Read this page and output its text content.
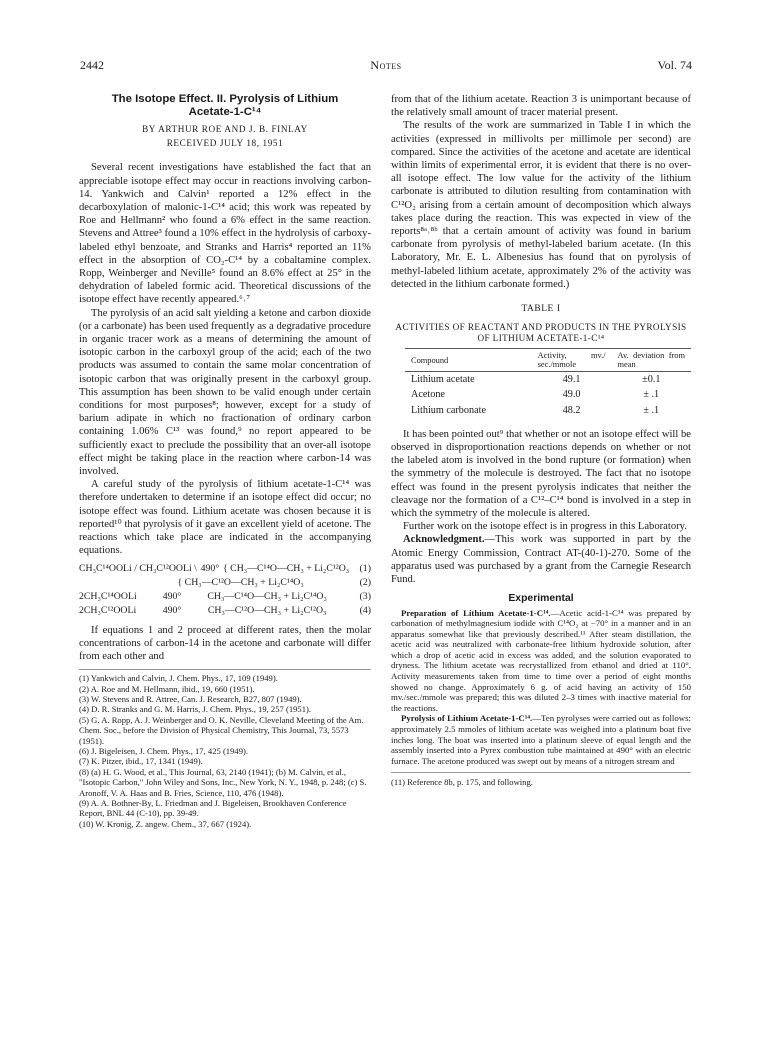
2442	Notes	Vol. 74
The Isotope Effect. II. Pyrolysis of Lithium
Acetate-1-C¹⁴
BY ARTHUR ROE AND J. B. FINLAY
RECEIVED JULY 18, 1951

Several recent investigations have established the fact that an appreciable isotope effect may occur in reactions involving carbon-14. Yankwich and Calvin¹ reported a 12% effect in the decarboxylation of malonic-1-C¹⁴ acid; this work was repeated by Roe and Hellmann² who found a 6% effect in the same reaction. Stevens and Attree³ found a 10% effect in the hydrolysis of carboxy-labeled ethyl benzoate, and Stranks and Harris⁴ reported an 11% effect in the absorption of CO₂-C¹⁴ by a cobaltamine complex. Ropp, Weinberger and Neville⁵ found an 8.6% effect at 25° in the dehydration of labeled formic acid. Theoretical discussions of the isotope effect have recently appeared.⁶˒⁷

The pyrolysis of an acid salt yielding a ketone and carbon dioxide (or a carbonate) has been used frequently as a degradative procedure in organic tracer work as a means of determining the amount of isotopic carbon in the carboxyl group of the acid; each of the two products was assumed to contain the same molar concentration of isotopic carbon that was originally present in the carboxyl group. This assumption has been shown to be valid enough under certain conditions for most purposes⁸; however, except for a study of barium adipate in which no fractionation of ordinary carbon containing 1.06% C¹³ was found,⁹ no report appeared to be sufficiently exact to preclude the possibility that an over-all isotope effect might be taking place in the reaction where carbon-14 was involved.

A careful study of the pyrolysis of lithium acetate-1-C¹⁴ was therefore undertaken to determine if an isotope effect did occur; no isotope effect was found. Lithium acetate was chosen because it is reported¹⁰ that pyrolysis of it gave an excellent yield of acetone. The reactions which take place are indicated in the accompanying equations.

CH₃C¹⁴OOLi / CH₃C¹²OOLi \ 490° { CH₃—C¹⁴O—CH₃ + Li₂C¹²O₃	(1)
{ CH₃—C¹²O—CH₃ + Li₂C¹⁴O₃	(2)
2CH₃C¹⁴OOLi	490°	CH₃—C¹⁴O—CH₃ + Li₂C¹⁴O₃	(3)
2CH₃C¹²OOLi	490°	CH₃—C¹²O—CH₃ + Li₂C¹²O₃	(4)

If equations 1 and 2 proceed at different rates, then the molar concentrations of carbon-14 in the acetone and carbonate will differ from each other and

(1) Yankwich and Calvin, J. Chem. Phys., 17, 109 (1949).
(2) A. Roe and M. Hellmann, ibid., 19, 660 (1951).
(3) W. Stevens and R. Attree, Can. J. Research, B27, 807 (1949).
(4) D. R. Stranks and G. M. Harris, J. Chem. Phys., 19, 257 (1951).
(5) G. A. Ropp, A. J. Weinberger and O. K. Neville, Cleveland Meeting of the Am. Chem. Soc., before the Division of Physical Chemistry, This Journal, 73, 5573 (1951).
(6) J. Bigeleisen, J. Chem. Phys., 17, 425 (1949).
(7) K. Pitzer, ibid., 17, 1341 (1949).
(8) (a) H. G. Wood, et al., This Journal, 63, 2140 (1941); (b) M. Calvin, et al., "Isotopic Carbon," John Wiley and Sons, Inc., New York, N. Y., 1948, p. 248; (c) S. Aronoff, V. A. Haas and B. Fries, Science, 110, 476 (1948).
(9) A. A. Bothner-By, L. Friedman and J. Bigeleisen, Brookhaven Conference Report, BNL 44 (C-10), pp. 39-49.
(10) W. Kronig, Z. angew. Chem., 37, 667 (1924).

from that of the lithium acetate. Reaction 3 is unimportant because of the relatively small amount of tracer material present.

The results of the work are summarized in Table I in which the activities (expressed in millivolts per millimole per second) are compared. Since the activities of the acetone and acetate are identical within limits of experimental error, it is evident that there is no over-all isotope effect. The low value for the activity of the lithium carbonate is attributed to dilution resulting from contamination with C¹²O₂ arising from a certain amount of decomposition which always takes place during the reaction. This was expected in view of the reports⁸ᵃ˒⁸ᵇ that a certain amount of activity was found in barium carbonate from pyrolysis of methyl-labeled barium acetate. (In this Laboratory, Mr. E. L. Albenesius has found that on pyrolysis of methyl-labeled lithium acetate, approximately 2% of the activity was detected in the lithium carbonate formed.)

TABLE I
ACTIVITIES OF REACTANT AND PRODUCTS IN THE PYROLYSIS
OF LITHIUM ACETATE-1-C¹⁴
Compound	Activity, mv./ sec./mmole	Av. deviation from mean
Lithium acetate	49.1	±0.1
Acetone	49.0	± .1
Lithium carbonate	48.2	± .1

It has been pointed out⁹ that whether or not an isotope effect will be observed in disproportionation reactions depends on whether or not the labeled atom is involved in the bond rupture (or formation) when the symmetry of the molecule is destroyed. The fact that no isotope effect was found in the present pyrolysis indicates that neither the cleavage nor the formation of a C¹²–C¹⁴ bond is involved in a step in which the symmetry of the molecule is altered.

Further work on the isotope effect is in progress in this Laboratory.

Acknowledgment.—This work was supported in part by the Atomic Energy Commission, Contract AT-(40-1)-270. Some of the apparatus used was purchased by a grant from the Carnegie Research Fund.

Experimental

Preparation of Lithium Acetate-1-C¹⁴.—Acetic acid-1-C¹⁴ was prepared by carbonation of methylmagnesium iodide with C¹⁴O₂ at −70° in a manner and in an apparatus somewhat like that previously described.¹¹ After steam distillation, the acetic acid was neutralized with carbonate-free lithium hydroxide solution, after which a drop of acetic acid in excess was added, and the solution evaporated to dryness. The lithium acetate was recrystallized from ethanol and dried at 110°. Activity measurements taken from time to time over a period of eight months showed no change. Approximately 6 g. of acid having an activity of 150 mv./sec./mmole was prepared; this was diluted 2–3 times with inactive material for the reactions.

Pyrolysis of Lithium Acetate-1-C¹⁴.—Ten pyrolyses were carried out as follows: approximately 2.5 mmoles of lithium acetate was weighed into a platinum boat five inches long. The boat was inserted into a platinum sleeve of equal length and the assembly inserted into a Pyrex combustion tube maintained at 490° with an electric furnace. The acetone produced was swept out by means of a nitrogen stream and

(11) Reference 8b, p. 175, and following.
